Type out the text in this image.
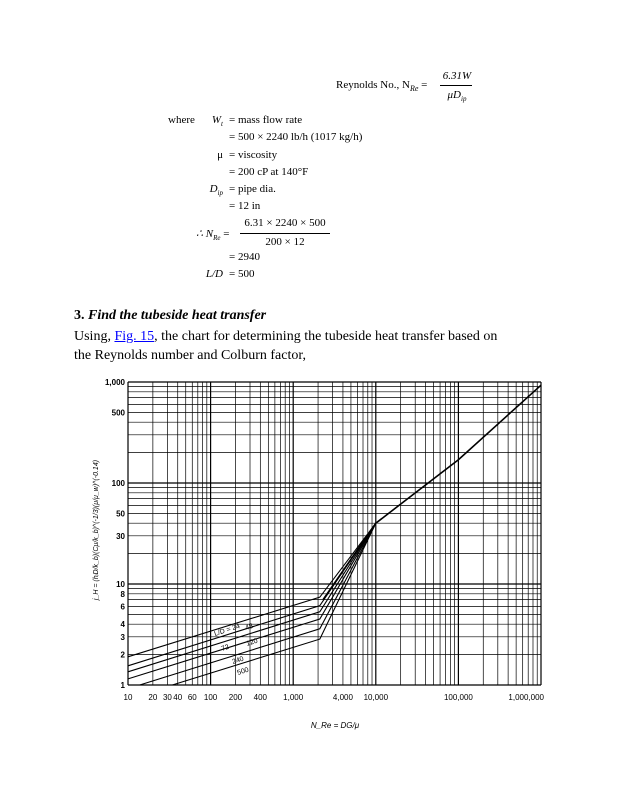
Reynolds No., $N_{Re}$ =
6.31W
$\mu D_{ip}$
where $W_t$ = mass flow rate
= 500 × 2240 lb/h (1017 kg/h)
μ = viscosity
= 200 cP at 140°F
$D_{ip}$ = pipe dia.
= 12 in
∴ $N_{Re}$ =
6.31 × 2240 × 500
200 × 12
= 2940
L/D = 500
3. Find the tubeside heat transfer
Using, Fig. 15, the chart for determining the tubeside heat transfer based on
the Reynolds number and Colburn factor,
L/D = 24 48
72
120
240
500
10 20 30 40 60 100 200 400 1,000	4,000 10,000	100,000	1,000,000
1,000
500
100
50
30
10
8
6
4
3
2
1
N_Re = DG/μ
j_H = (hᵢD/k_b)(Cμ/k_b)^(-1/3)(μ/μ_w)^(-0.14)
